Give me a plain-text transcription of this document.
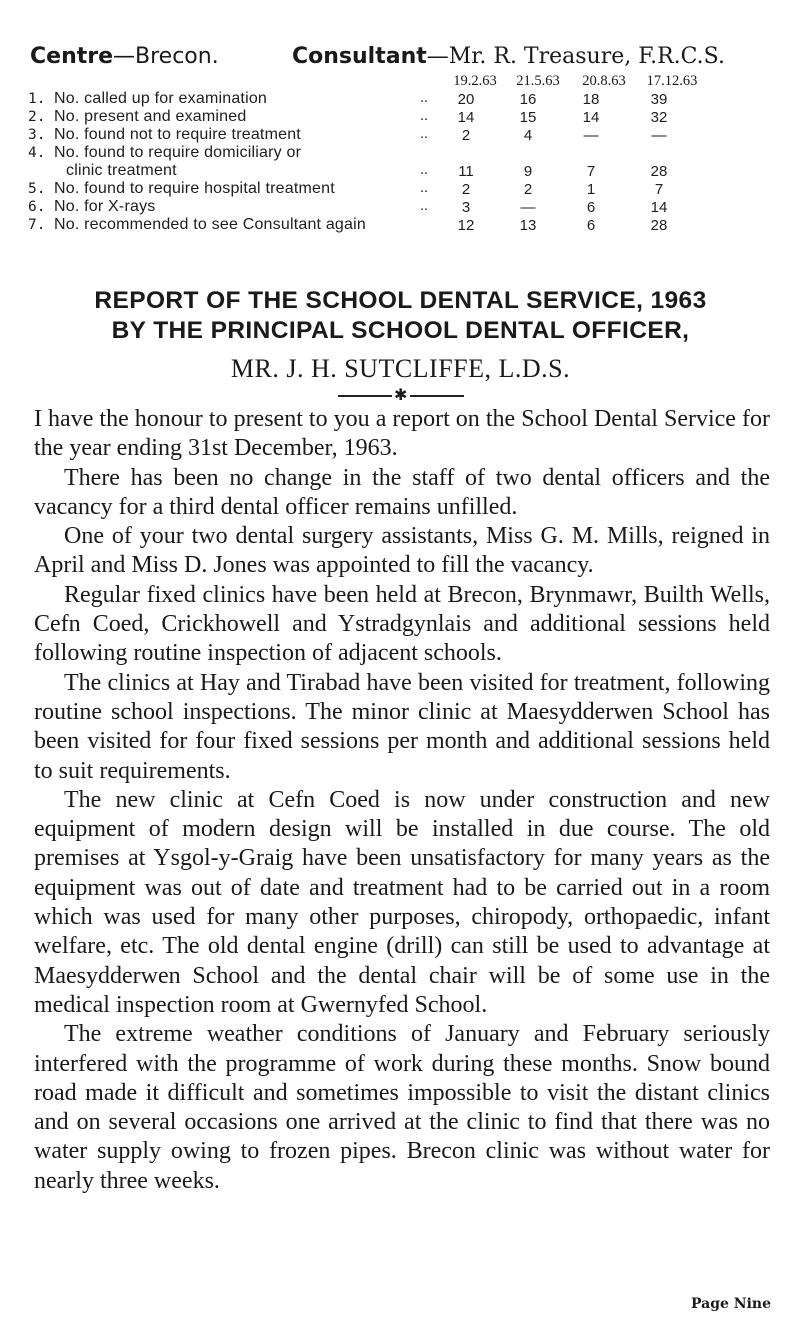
Centre—Brecon.	Consultant—Mr. R. Treasure, F.R.C.S.
19.2.63 21.5.63 20.8.63 17.12.63
1.	No. called up for examination ..	20	16	18	39
2.	No. present and examined ..	14	15	14	32
3.	No. found not to require treatment ..	2	4	—	—
4.	No. found to require domiciliary or

	clinic treatment ..	11	9	7	28
5.	No. found to require hospital treatment ..	2	2	1	7
6.	No. for X-rays ..	3	—	6	14
7.	No. recommended to see Consultant again	12	13	6	28
REPORT OF THE SCHOOL DENTAL SERVICE, 1963
BY THE PRINCIPAL SCHOOL DENTAL OFFICER,
MR. J. H. SUTCLIFFE, L.D.S.
✱

I have the honour to present to you a report on the School Dental Service for the year ending 31st December, 1963.

There has been no change in the staff of two dental officers and the vacancy for a third dental officer remains unfilled.

One of your two dental surgery assistants, Miss G. M. Mills, reigned in April and Miss D. Jones was appointed to fill the vacancy.

Regular fixed clinics have been held at Brecon, Brynmawr, Builth Wells, Cefn Coed, Crickhowell and Ystradgynlais and additional sessions held following routine inspection of adjacent schools.

The clinics at Hay and Tirabad have been visited for treatment, following routine school inspections. The minor clinic at Maesydderwen School has been visited for four fixed sessions per month and additional sessions held to suit requirements.

The new clinic at Cefn Coed is now under construction and new equipment of modern design will be installed in due course. The old premises at Ysgol-y-Graig have been unsatisfactory for many years as the equipment was out of date and treatment had to be carried out in a room which was used for many other purposes, chiropody, orthopaedic, infant welfare, etc. The old dental engine (drill) can still be used to advantage at Maesydderwen School and the dental chair will be of some use in the medical inspection room at Gwernyfed School.

The extreme weather conditions of January and February seriously interfered with the programme of work during these months. Snow bound road made it difficult and sometimes impossible to visit the distant clinics and on several occasions one arrived at the clinic to find that there was no water supply owing to frozen pipes. Brecon clinic was without water for nearly three weeks.

Page Nine
